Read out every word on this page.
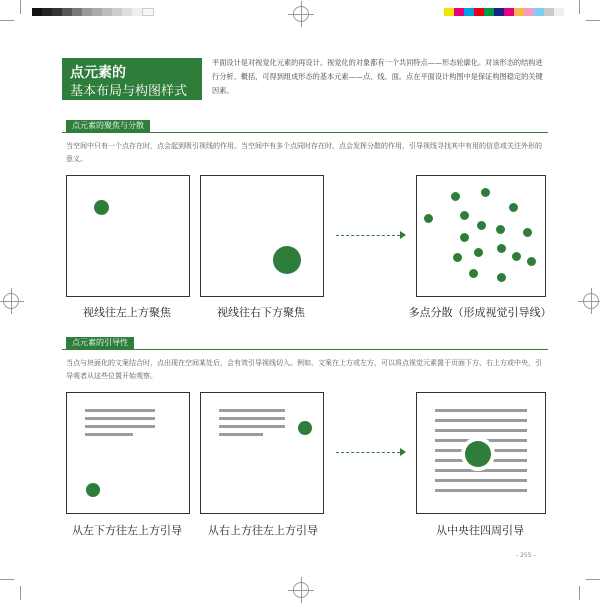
点元素的
基本布局与构图样式
平面设计是对视觉化元素的再设计。视觉化的对象都有一个共同特点——形态轮廓化。对该形态的结构进行分析、概括，可得到组成形态的基本元素——点、线、面。点在平面设计构图中是保证构图稳定的关键因素。
点元素的聚焦与分散
当空间中只有一个点存在时，点会起到吸引视线的作用。当空间中有多个点同时存在时，点会发挥分散的作用，引导视线寻找其中有用的信息或关注外形的意义。
视线往左上方聚焦	视线往右下方聚焦	多点分散（形成视觉引导线）
点元素的引导性
当点与块面化的文案结合时，点出现在空间某处后，会有效引导视线切入。例如，文案在上方或左方，可以将点视觉元素置于页面下方、右上方或中央，引导观者从这些位置开始观察。
从左下方往左上方引导	从右上方往左上方引导	从中央往四周引导
- 255 -
